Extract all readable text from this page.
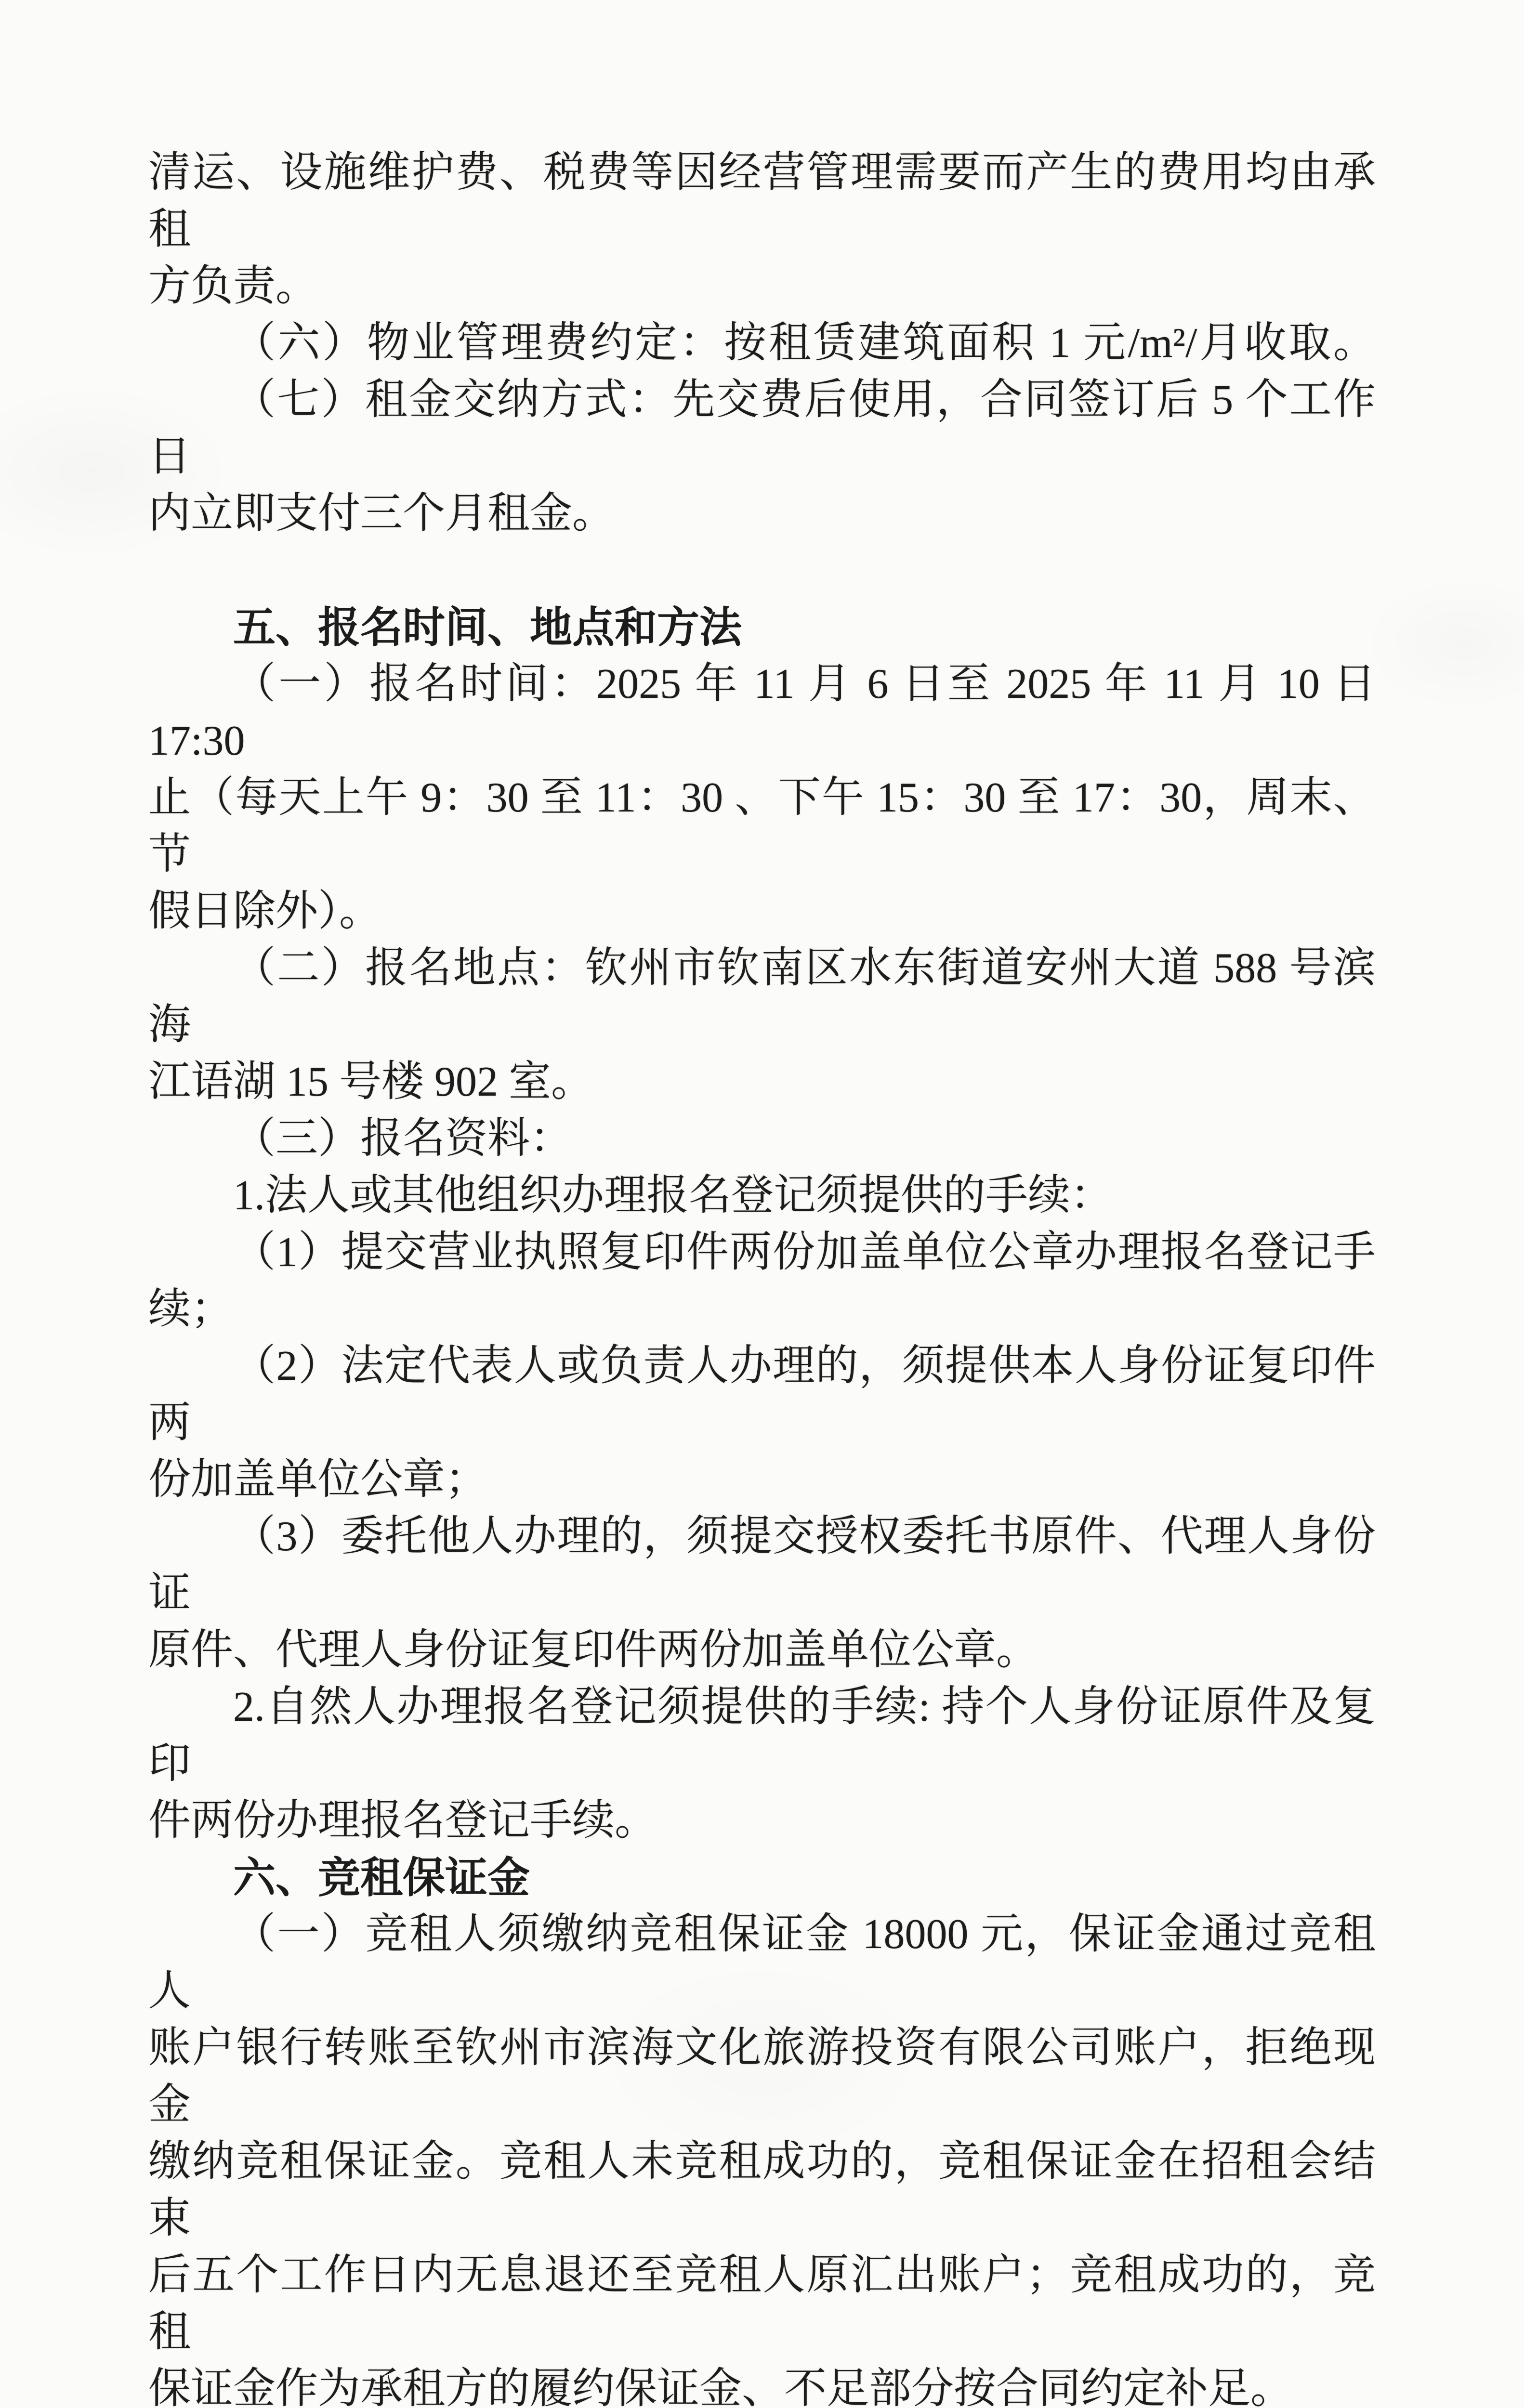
清运、设施维护费、税费等因经营管理需要而产生的费用均由承租
方负责。
（六）物业管理费约定：按租赁建筑面积 1 元/m²/月收取。
（七）租金交纳方式：先交费后使用，合同签订后 5 个工作日
内立即支付三个月租金。
五、报名时间、地点和方法
（一）报名时间：2025 年 11 月 6 日至 2025 年 11 月 10 日 17:30
止（每天上午 9：30 至 11：30 、下午 15：30 至 17：30，周末、节
假日除外）。
（二）报名地点：钦州市钦南区水东街道安州大道 588 号滨海
江语湖 15 号楼 902 室。
（三）报名资料：
1.法人或其他组织办理报名登记须提供的手续：
（1）提交营业执照复印件两份加盖单位公章办理报名登记手
续；
（2）法定代表人或负责人办理的，须提供本人身份证复印件两
份加盖单位公章；
（3）委托他人办理的，须提交授权委托书原件、代理人身份证
原件、代理人身份证复印件两份加盖单位公章。
2.自然人办理报名登记须提供的手续: 持个人身份证原件及复印
件两份办理报名登记手续。
六、竞租保证金
（一）竞租人须缴纳竞租保证金 18000 元，保证金通过竞租人
账户银行转账至钦州市滨海文化旅游投资有限公司账户，拒绝现金
缴纳竞租保证金。竞租人未竞租成功的，竞租保证金在招租会结束
后五个工作日内无息退还至竞租人原汇出账户；竞租成功的，竞租
保证金作为承租方的履约保证金、不足部分按合同约定补足。
